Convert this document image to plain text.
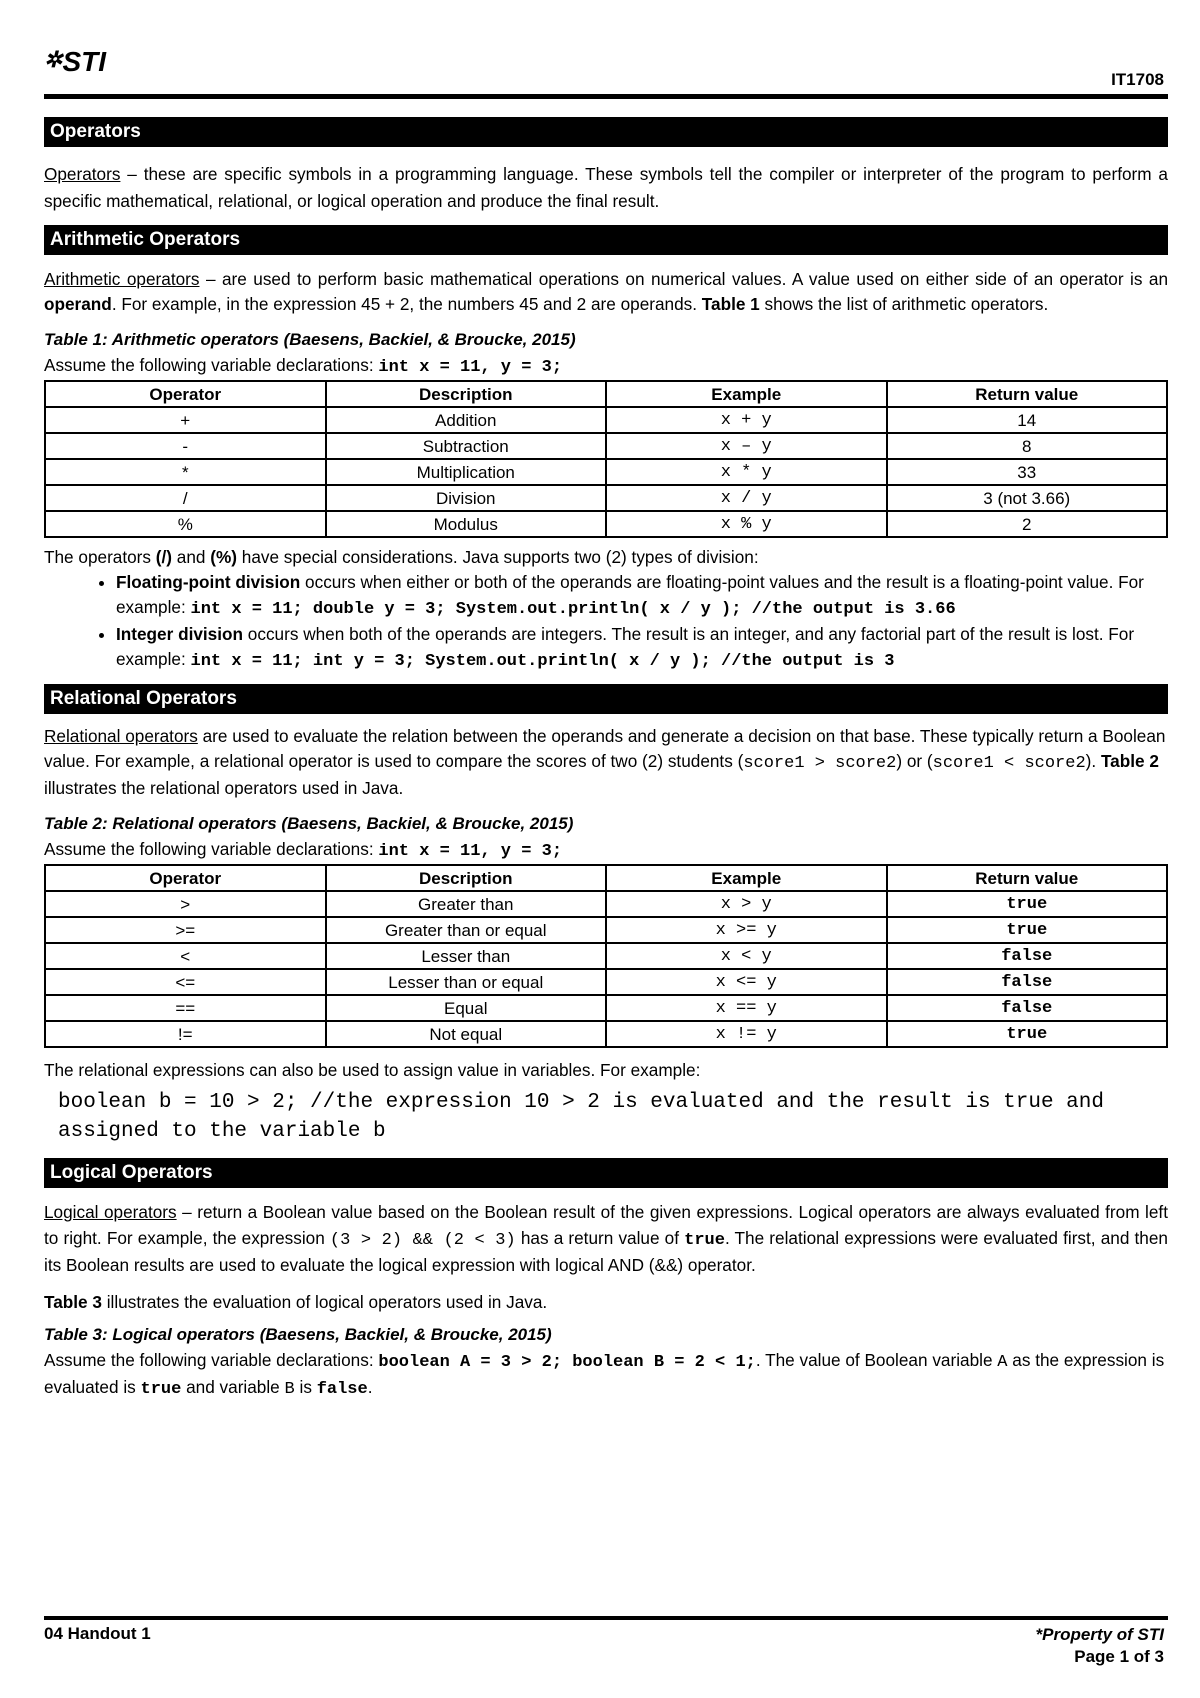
✲STI
IT1708
Operators

Operators – these are specific symbols in a programming language. These symbols tell the compiler or interpreter of the program to perform a specific mathematical, relational, or logical operation and produce the final result.

Arithmetic Operators

Arithmetic operators – are used to perform basic mathematical operations on numerical values. A value used on either side of an operator is an operand. For example, in the expression 45 + 2, the numbers 45 and 2 are operands. Table 1 shows the list of arithmetic operators.

Table 1: Arithmetic operators (Baesens, Backiel, & Broucke, 2015)

Assume the following variable declarations: int x = 11, y = 3;

Operator	Description	Example	Return value
+	Addition	x + y	14
-	Subtraction	x – y	8
*	Multiplication	x * y	33
/	Division	x / y	3 (not 3.66)
%	Modulus	x % y	2

The operators (/) and (%) have special considerations. Java supports two (2) types of division:

• Floating-point division occurs when either or both of the operands are floating-point values and the result is a floating-point value. For example: int x = 11; double y = 3; System.out.println( x / y ); //the output is 3.66
• Integer division occurs when both of the operands are integers. The result is an integer, and any factorial part of the result is lost. For example: int x = 11; int y = 3; System.out.println( x / y ); //the output is 3
Relational Operators

Relational operators are used to evaluate the relation between the operands and generate a decision on that base. These typically return a Boolean value. For example, a relational operator is used to compare the scores of two (2) students (score1 > score2) or (score1 < score2). Table 2 illustrates the relational operators used in Java.

Table 2: Relational operators (Baesens, Backiel, & Broucke, 2015)

Assume the following variable declarations: int x = 11, y = 3;

Operator	Description	Example	Return value
>	Greater than	x > y	true
>=	Greater than or equal	x >= y	true
<	Lesser than	x < y	false
<=	Lesser than or equal	x <= y	false
==	Equal	x == y	false
!=	Not equal	x != y	true

The relational expressions can also be used to assign value in variables. For example:

boolean b = 10 > 2; //the expression 10 > 2 is evaluated and the result is true and assigned to the variable b
Logical Operators

Logical operators – return a Boolean value based on the Boolean result of the given expressions. Logical operators are always evaluated from left to right. For example, the expression (3 > 2) && (2 < 3) has a return value of true. The relational expressions were evaluated first, and then its Boolean results are used to evaluate the logical expression with logical AND (&&) operator.

Table 3 illustrates the evaluation of logical operators used in Java.

Table 3: Logical operators (Baesens, Backiel, & Broucke, 2015)

Assume the following variable declarations: boolean A = 3 > 2; boolean B = 2 < 1;. The value of Boolean variable A as the expression is evaluated is true and variable B is false.

04 Handout 1	*Property of STI
Page 1 of 3
